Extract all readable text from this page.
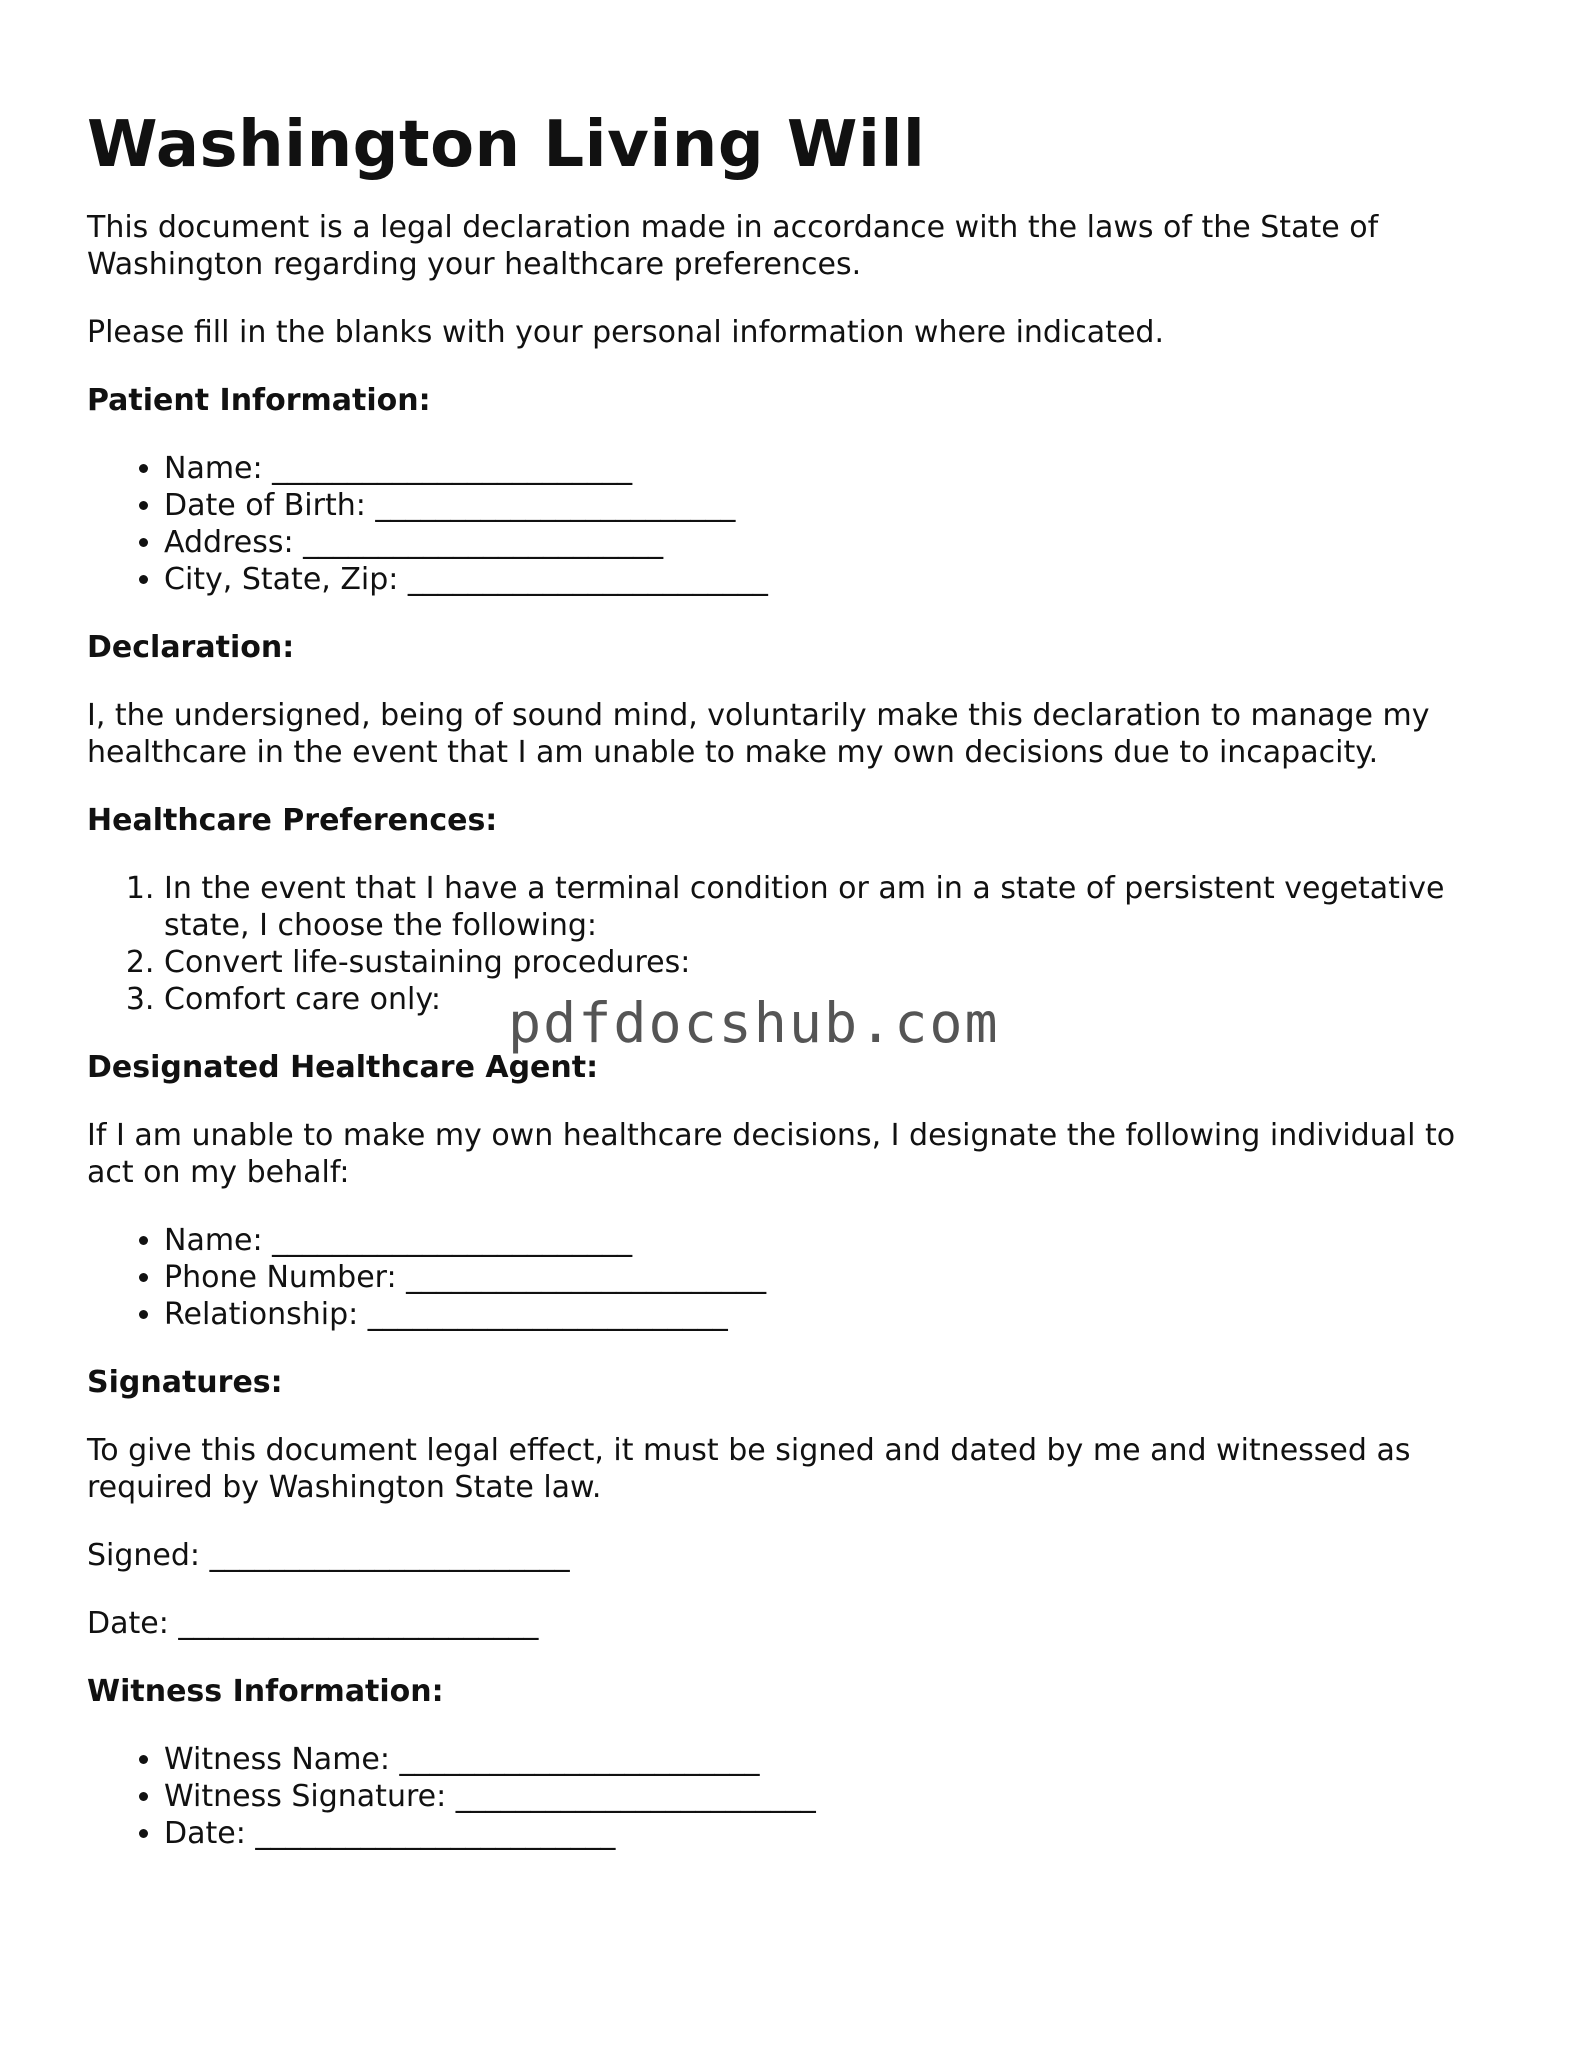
Washington Living Will

This document is a legal declaration made in accordance with the laws of the State of Washington regarding your healthcare preferences.

Please fill in the blanks with your personal information where indicated.

Patient Information:
• Name: ________________________
• Date of Birth: ________________________
• Address: ________________________
• City, State, Zip: ________________________
Declaration:

I, the undersigned, being of sound mind, voluntarily make this declaration to manage my healthcare in the event that I am unable to make my own decisions due to incapacity.

Healthcare Preferences:
1. In the event that I have a terminal condition or am in a state of persistent vegetative state, I choose the following:
2. Convert life-sustaining procedures:
3. Comfort care only:
Designated Healthcare Agent:

If I am unable to make my own healthcare decisions, I designate the following individual to act on my behalf:

• Name: ________________________
• Phone Number: ________________________
• Relationship: ________________________
Signatures:

To give this document legal effect, it must be signed and dated by me and witnessed as required by Washington State law.

Signed: ________________________

Date: ________________________

Witness Information:
• Witness Name: ________________________
• Witness Signature: ________________________
• Date: ________________________
pdfdocshub.com
